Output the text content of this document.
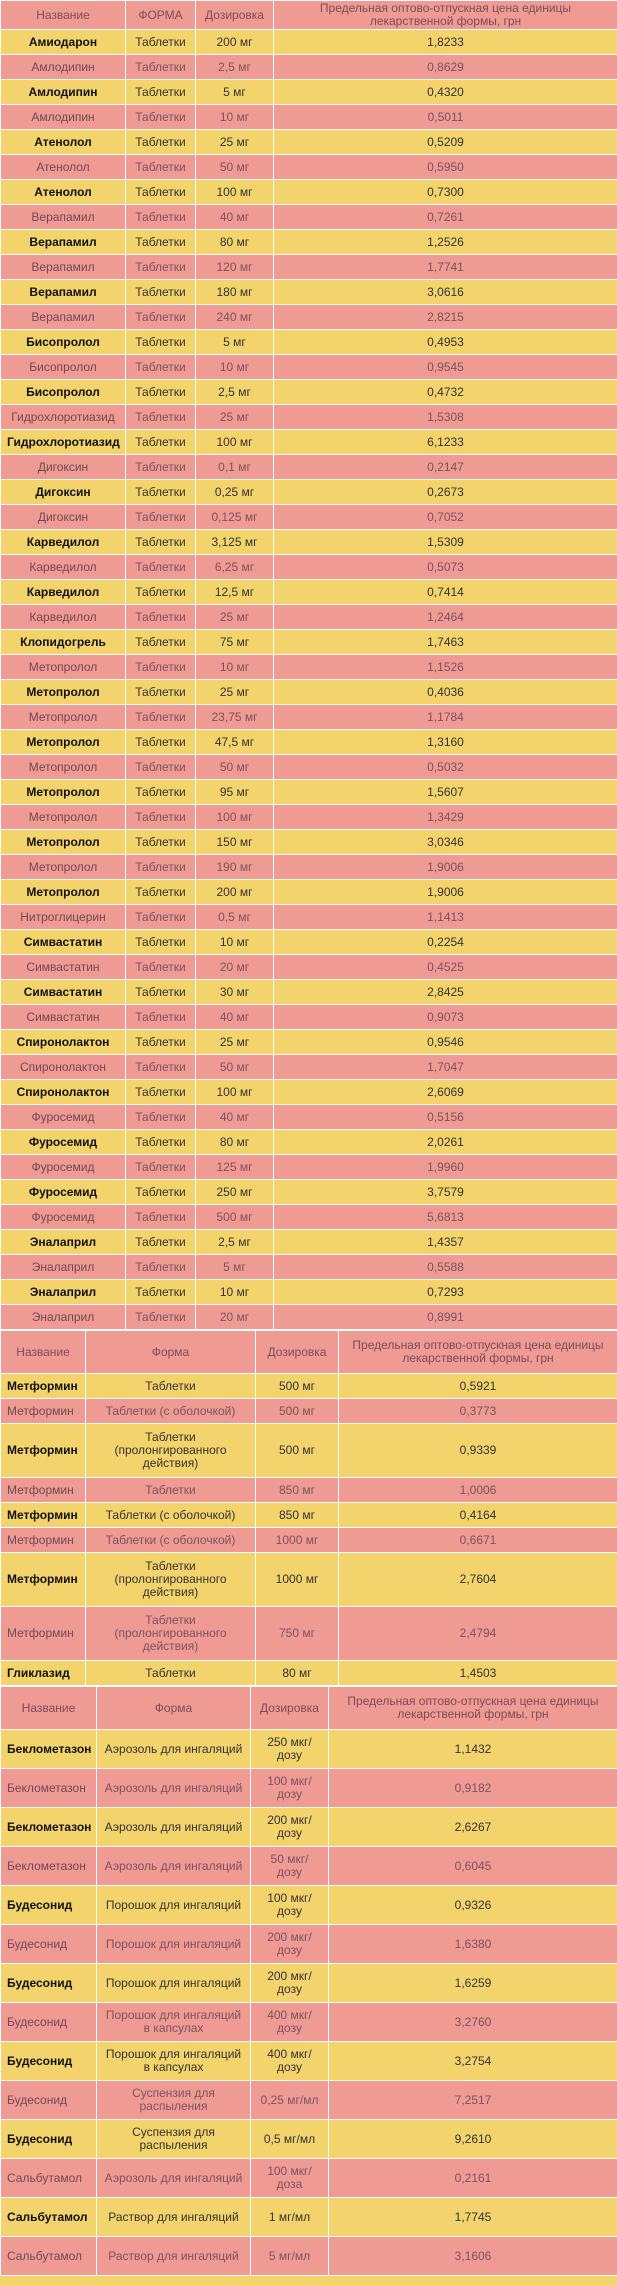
Название	ФОРМА	Дозировка	Предельная оптово-отпускная цена единицы лекарственной формы, грн
Амиодарон	Таблетки	200 мг	1,8233
Амлодипин	Таблетки	2,5 мг	0,8629
Амлодипин	Таблетки	5 мг	0,4320
Амлодипин	Таблетки	10 мг	0,5011
Атенолол	Таблетки	25 мг	0,5209
Атенолол	Таблетки	50 мг	0,5950
Атенолол	Таблетки	100 мг	0,7300
Верапамил	Таблетки	40 мг	0,7261
Верапамил	Таблетки	80 мг	1,2526
Верапамил	Таблетки	120 мг	1,7741
Верапамил	Таблетки	180 мг	3,0616
Верапамил	Таблетки	240 мг	2,8215
Бисопролол	Таблетки	5 мг	0,4953
Бисопролол	Таблетки	10 мг	0,9545
Бисопролол	Таблетки	2,5 мг	0,4732
Гидрохлоротиазид	Таблетки	25 мг	1,5308
Гидрохлоротиазид	Таблетки	100 мг	6,1233
Дигоксин	Таблетки	0,1 мг	0,2147
Дигоксин	Таблетки	0,25 мг	0,2673
Дигоксин	Таблетки	0,125 мг	0,7052
Карведилол	Таблетки	3,125 мг	1,5309
Карведилол	Таблетки	6,25 мг	0,5073
Карведилол	Таблетки	12,5 мг	0,7414
Карведилол	Таблетки	25 мг	1,2464
Клопидогрель	Таблетки	75 мг	1,7463
Метопролол	Таблетки	10 мг	1,1526
Метопролол	Таблетки	25 мг	0,4036
Метопролол	Таблетки	23,75 мг	1,1784
Метопролол	Таблетки	47,5 мг	1,3160
Метопролол	Таблетки	50 мг	0,5032
Метопролол	Таблетки	95 мг	1,5607
Метопролол	Таблетки	100 мг	1,3429
Метопролол	Таблетки	150 мг	3,0346
Метопролол	Таблетки	190 мг	1,9006
Метопролол	Таблетки	200 мг	1,9006
Нитроглицерин	Таблетки	0,5 мг	1,1413
Симвастатин	Таблетки	10 мг	0,2254
Симвастатин	Таблетки	20 мг	0,4525
Симвастатин	Таблетки	30 мг	2,8425
Симвастатин	Таблетки	40 мг	0,9073
Спиронолактон	Таблетки	25 мг	0,9546
Спиронолактон	Таблетки	50 мг	1,7047
Спиронолактон	Таблетки	100 мг	2,6069
Фуросемид	Таблетки	40 мг	0,5156
Фуросемид	Таблетки	80 мг	2,0261
Фуросемид	Таблетки	125 мг	1,9960
Фуросемид	Таблетки	250 мг	3,7579
Фуросемид	Таблетки	500 мг	5,6813
Эналаприл	Таблетки	2,5 мг	1,4357
Эналаприл	Таблетки	5 мг	0,5588
Эналаприл	Таблетки	10 мг	0,7293
Эналаприл	Таблетки	20 мг	0,8991
Название	Форма	Дозировка	Предельная оптово-отпускная цена единицы лекарственной формы, грн
Метформин	Таблетки	500 мг	0,5921
Метформин	Таблетки (с оболочкой)	500 мг	0,3773
Метформин	Таблетки (пролонгированного действия)	500 мг	0,9339
Метформин	Таблетки	850 мг	1,0006
Метформин	Таблетки (с оболочкой)	850 мг	0,4164
Метформин	Таблетки (с оболочкой)	1000 мг	0,6671
Метформин	Таблетки (пролонгированного действия)	1000 мг	2,7604
Метформин	Таблетки (пролонгированного действия)	750 мг	2,4794
Гликлазид	Таблетки	80 мг	1,4503
Название	Форма	Дозировка	Предельная оптово-отпускная цена единицы лекарственной формы, грн
Беклометазон	Аэрозоль для ингаляций	250 мкг/ дозу	1,1432
Беклометазон	Аэрозоль для ингаляций	100 мкг/ дозу	0,9182
Беклометазон	Аэрозоль для ингаляций	200 мкг/ дозу	2,6267
Беклометазон	Аэрозоль для ингаляций	50 мкг/ дозу	0,6045
Будесонид	Порошок для ингаляций	100 мкг/ дозу	0,9326
Будесонид	Порошок для ингаляций	200 мкг/ дозу	1,6380
Будесонид	Порошок для ингаляций	200 мкг/ дозу	1,6259
Будесонид	Порошок для ингаляций в капсулах	400 мкг/ дозу	3,2760
Будесонид	Порошок для ингаляций в капсулах	400 мкг/ дозу	3,2754
Будесонид	Суспензия для распыления	0,25 мг/мл	7,2517
Будесонид	Суспензия для распыления	0,5 мг/мл	9,2610
Сальбутамол	Аэрозоль для ингаляций	100 мкг/ доза	0,2161
Сальбутамол	Раствор для ингаляций	1 мг/мл	1,7745
Сальбутамол	Раствор для ингаляций	5 мг/мл	3,1606
